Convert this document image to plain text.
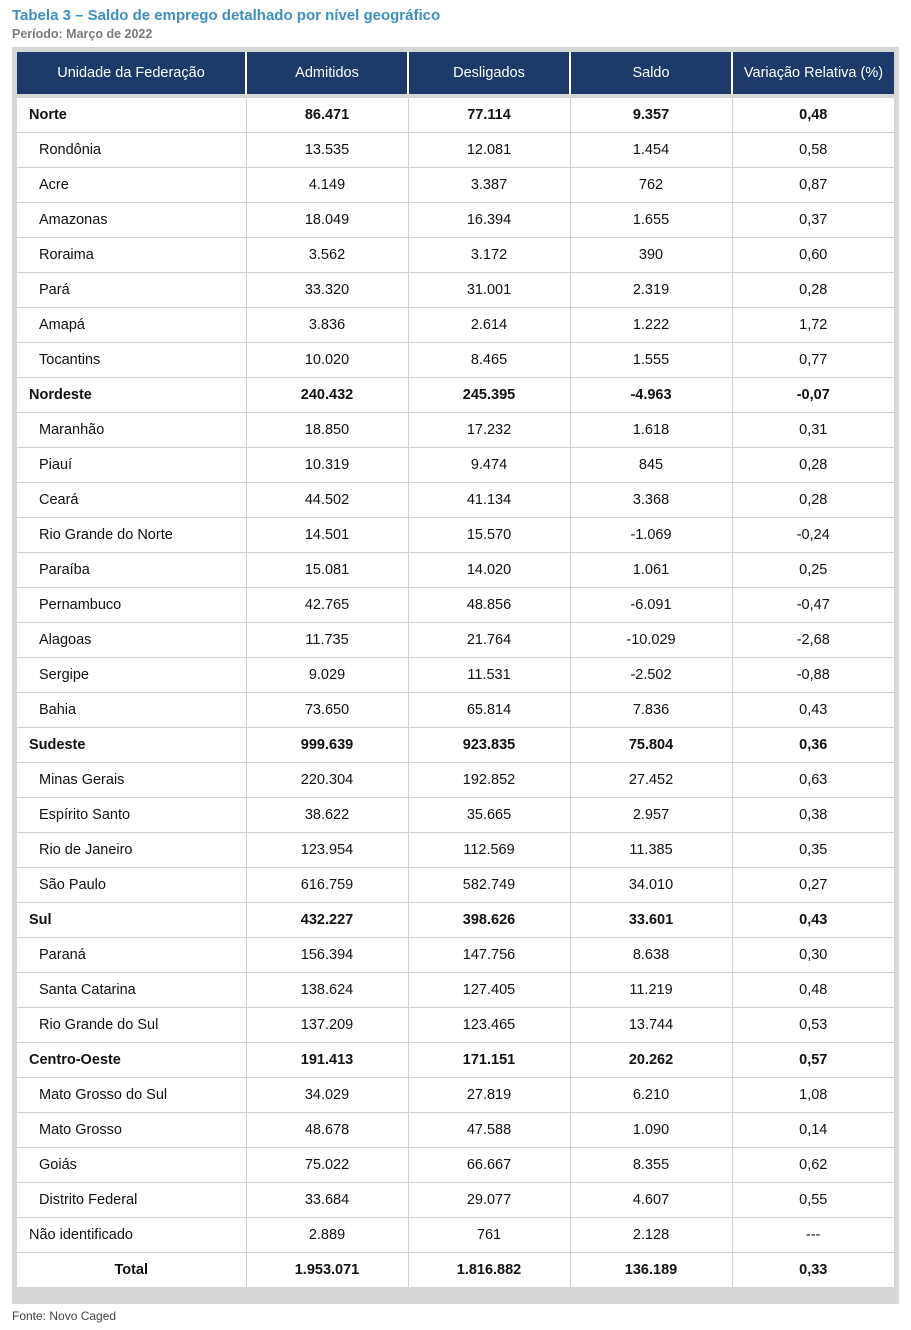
Tabela 3 – Saldo de emprego detalhado por nível geográfico

Período: Março de 2022

Unidade da Federação	Admitidos	Desligados	Saldo	Variação Relativa (%)

Norte	86.471	77.114	9.357	0,48
Rondônia	13.535	12.081	1.454	0,58
Acre	4.149	3.387	762	0,87
Amazonas	18.049	16.394	1.655	0,37
Roraima	3.562	3.172	390	0,60
Pará	33.320	31.001	2.319	0,28
Amapá	3.836	2.614	1.222	1,72
Tocantins	10.020	8.465	1.555	0,77
Nordeste	240.432	245.395	-4.963	-0,07
Maranhão	18.850	17.232	1.618	0,31
Piauí	10.319	9.474	845	0,28
Ceará	44.502	41.134	3.368	0,28
Rio Grande do Norte	14.501	15.570	-1.069	-0,24
Paraíba	15.081	14.020	1.061	0,25
Pernambuco	42.765	48.856	-6.091	-0,47
Alagoas	11.735	21.764	-10.029	-2,68
Sergipe	9.029	11.531	-2.502	-0,88
Bahia	73.650	65.814	7.836	0,43
Sudeste	999.639	923.835	75.804	0,36
Minas Gerais	220.304	192.852	27.452	0,63
Espírito Santo	38.622	35.665	2.957	0,38
Rio de Janeiro	123.954	112.569	11.385	0,35
São Paulo	616.759	582.749	34.010	0,27
Sul	432.227	398.626	33.601	0,43
Paraná	156.394	147.756	8.638	0,30
Santa Catarina	138.624	127.405	11.219	0,48
Rio Grande do Sul	137.209	123.465	13.744	0,53
Centro-Oeste	191.413	171.151	20.262	0,57
Mato Grosso do Sul	34.029	27.819	6.210	1,08
Mato Grosso	48.678	47.588	1.090	0,14
Goiás	75.022	66.667	8.355	0,62
Distrito Federal	33.684	29.077	4.607	0,55
Não identificado	2.889	761	2.128	---
Total	1.953.071	1.816.882	136.189	0,33

Fonte: Novo Caged
